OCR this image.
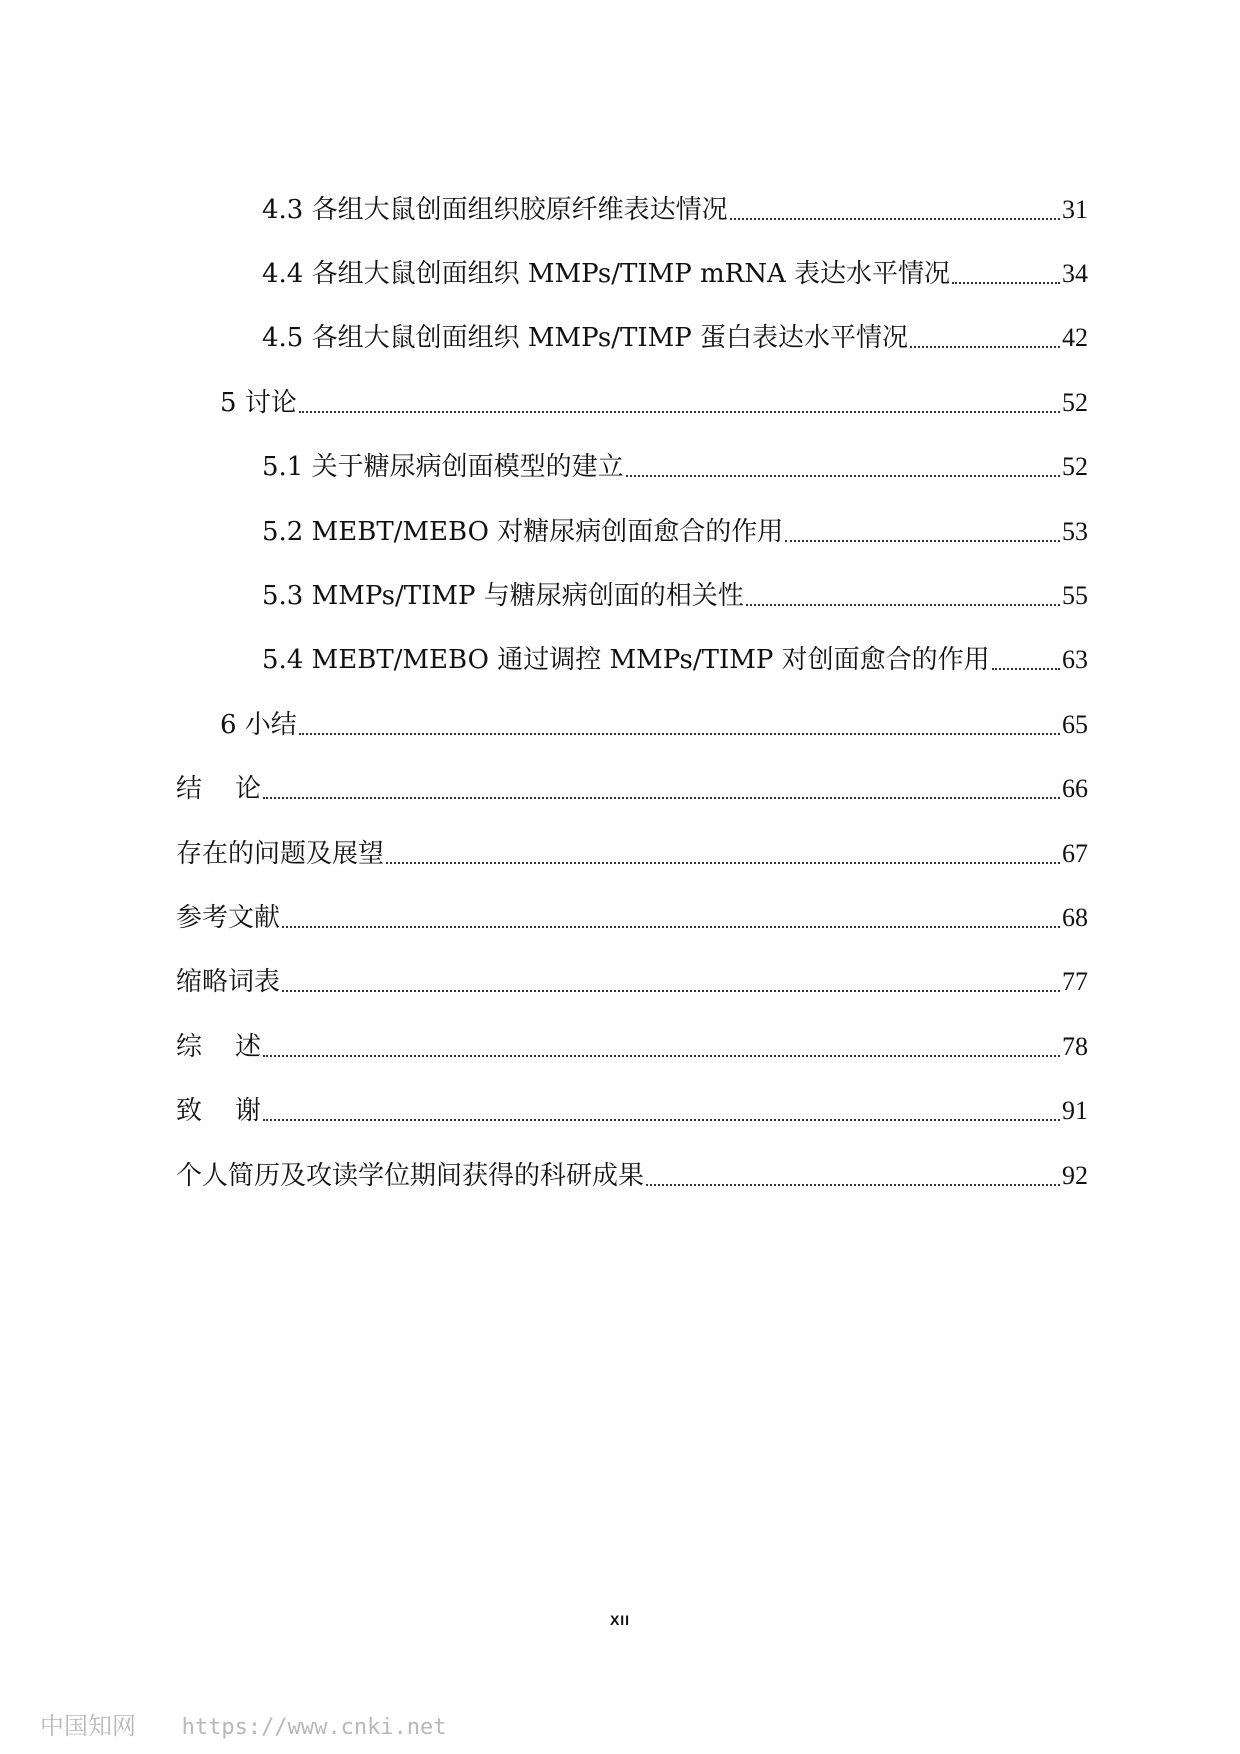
4.3 各组大鼠创面组织胶原纤维表达情况	31
4.4 各组大鼠创面组织 MMPs/TIMP mRNA 表达水平情况	34
4.5 各组大鼠创面组织 MMPs/TIMP 蛋白表达水平情况	42
5 讨论	52
5.1 关于糖尿病创面模型的建立	52
5.2 MEBT/MEBO 对糖尿病创面愈合的作用	53
5.3 MMPs/TIMP 与糖尿病创面的相关性	55
5.4 MEBT/MEBO 通过调控 MMPs/TIMP 对创面愈合的作用	63
6 小结	65
结    论	66
存在的问题及展望	67
参考文献	68
缩略词表	77
综    述	78
致    谢	91
个人简历及攻读学位期间获得的科研成果	92
XII
中国知网 https://www.cnki.net
